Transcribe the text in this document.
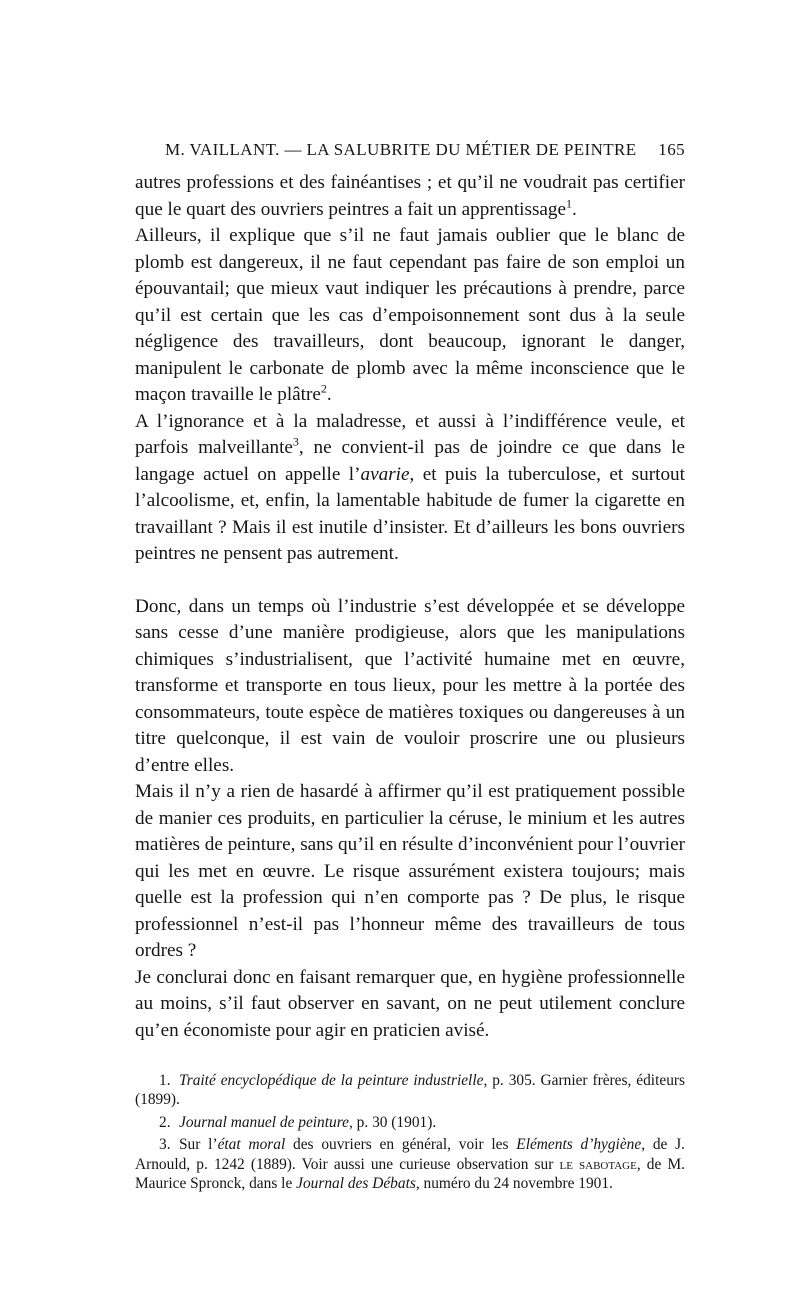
M. VAILLANT. — LA SALUBRITE DU MÉTIER DE PEINTRE 165

autres professions et des fainéantises ; et qu’il ne voudrait pas certifier que le quart des ouvriers peintres a fait un apprentissage$^1$.

Ailleurs, il explique que s’il ne faut jamais oublier que le blanc de plomb est dangereux, il ne faut cependant pas faire de son emploi un épouvantail; que mieux vaut indiquer les précautions à prendre, parce qu’il est certain que les cas d’empoisonnement sont dus à la seule négligence des travailleurs, dont beaucoup, ignorant le danger, manipulent le carbonate de plomb avec la même inconscience que le maçon travaille le plâtre$^2$.

A l’ignorance et à la maladresse, et aussi à l’indifférence veule, et parfois malveillante$^3$, ne convient-il pas de joindre ce que dans le langage actuel on appelle l’avarie, et puis la tuberculose, et surtout l’alcoolisme, et, enfin, la lamentable habitude de fumer la cigarette en travaillant ? Mais il est inutile d’insister. Et d’ailleurs les bons ouvriers peintres ne pensent pas autrement.

Donc, dans un temps où l’industrie s’est développée et se développe sans cesse d’une manière prodigieuse, alors que les manipulations chimiques s’industrialisent, que l’activité humaine met en œuvre, transforme et transporte en tous lieux, pour les mettre à la portée des consommateurs, toute espèce de matières toxiques ou dangereuses à un titre quelconque, il est vain de vouloir proscrire une ou plusieurs d’entre elles.

Mais il n’y a rien de hasardé à affirmer qu’il est pratiquement possible de manier ces produits, en particulier la céruse, le minium et les autres matières de peinture, sans qu’il en résulte d’inconvénient pour l’ouvrier qui les met en œuvre. Le risque assurément existera toujours; mais quelle est la profession qui n’en comporte pas ? De plus, le risque professionnel n’est-il pas l’honneur même des travailleurs de tous ordres ?

Je conclurai donc en faisant remarquer que, en hygiène professionnelle au moins, s’il faut observer en savant, on ne peut utilement conclure qu’en économiste pour agir en praticien avisé.

1. Traité encyclopédique de la peinture industrielle, p. 305. Garnier frères, éditeurs (1899).

2. Journal manuel de peinture, p. 30 (1901).

3. Sur l’état moral des ouvriers en général, voir les Eléments d’hygiène, de J. Arnould, p. 1242 (1889). Voir aussi une curieuse observation sur le sabotage, de M. Maurice Spronck, dans le Journal des Débats, numéro du 24 novembre 1901.
